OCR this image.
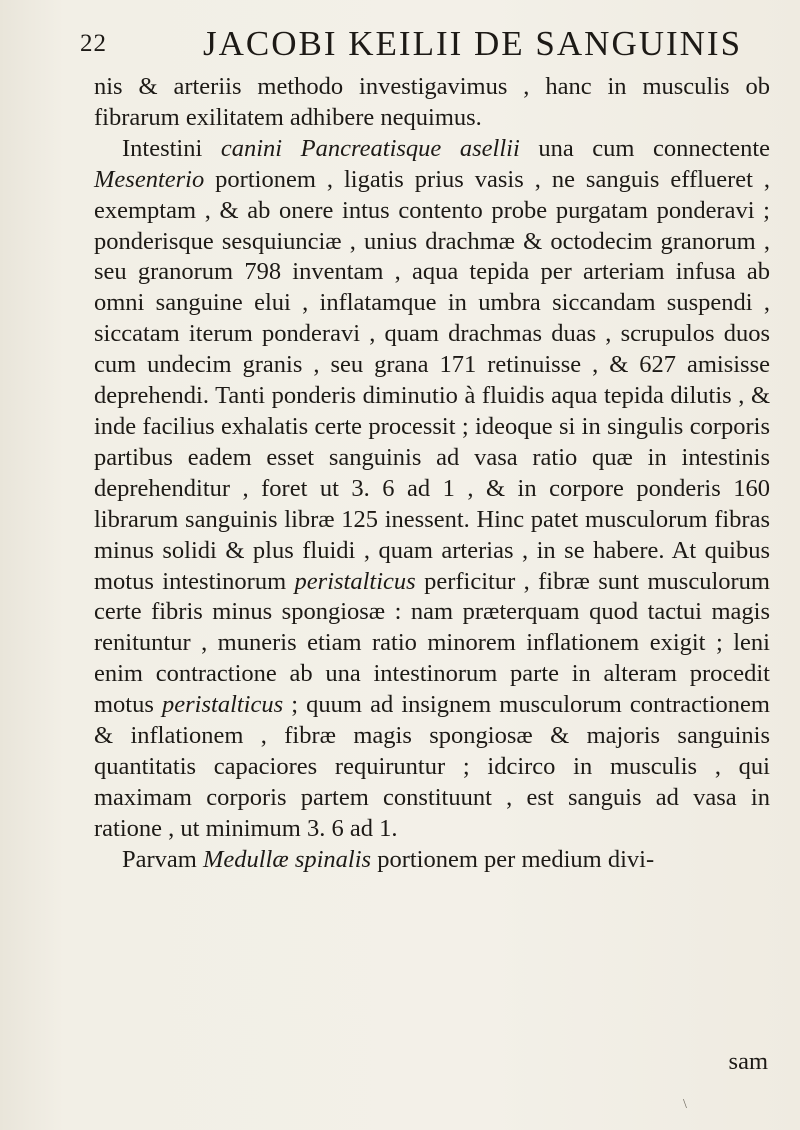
22	JACOBI KEILII DE SANGUINIS

nis & arteriis methodo investigavimus , hanc in musculis ob fibrarum exilitatem adhibere nequimus.

Intestini canini Pancreatisque asellii una cum connectente Mesenterio portionem , ligatis prius vasis , ne sanguis efflueret , exemptam , & ab onere intus contento probe purgatam ponderavi ; ponderisque sesquiunciæ , unius drachmæ & octodecim granorum , seu granorum 798 inventam , aqua tepida per arteriam infusa ab omni sanguine elui , inflatamque in umbra siccandam suspendi , siccatam iterum ponderavi , quam drachmas duas , scrupulos duos cum undecim granis , seu grana 171 retinuisse , & 627 amisisse deprehendi. Tanti ponderis diminutio à fluidis aqua tepida dilutis , & inde facilius exhalatis certe processit ; ideoque si in singulis corporis partibus eadem esset sanguinis ad vasa ratio quæ in intestinis deprehenditur , foret ut 3. 6 ad 1 , & in corpore ponderis 160 librarum sanguinis libræ 125 inessent. Hinc patet musculorum fibras minus solidi & plus fluidi , quam arterias , in se habere. At quibus motus intestinorum peristalticus perficitur , fibræ sunt musculorum certe fibris minus spongiosæ : nam præterquam quod tactui magis renituntur , muneris etiam ratio minorem inflationem exigit ; leni enim contractione ab una intestinorum parte in alteram procedit motus peristalticus ; quum ad insignem musculorum contractionem & inflationem , fibræ magis spongiosæ & majoris sanguinis quantitatis capaciores requiruntur ; idcirco in musculis , qui maximam corporis partem constituunt , est sanguis ad vasa in ratione , ut minimum 3. 6 ad 1.

Parvam Medullæ spinalis portionem per medium divi-

sam
\
